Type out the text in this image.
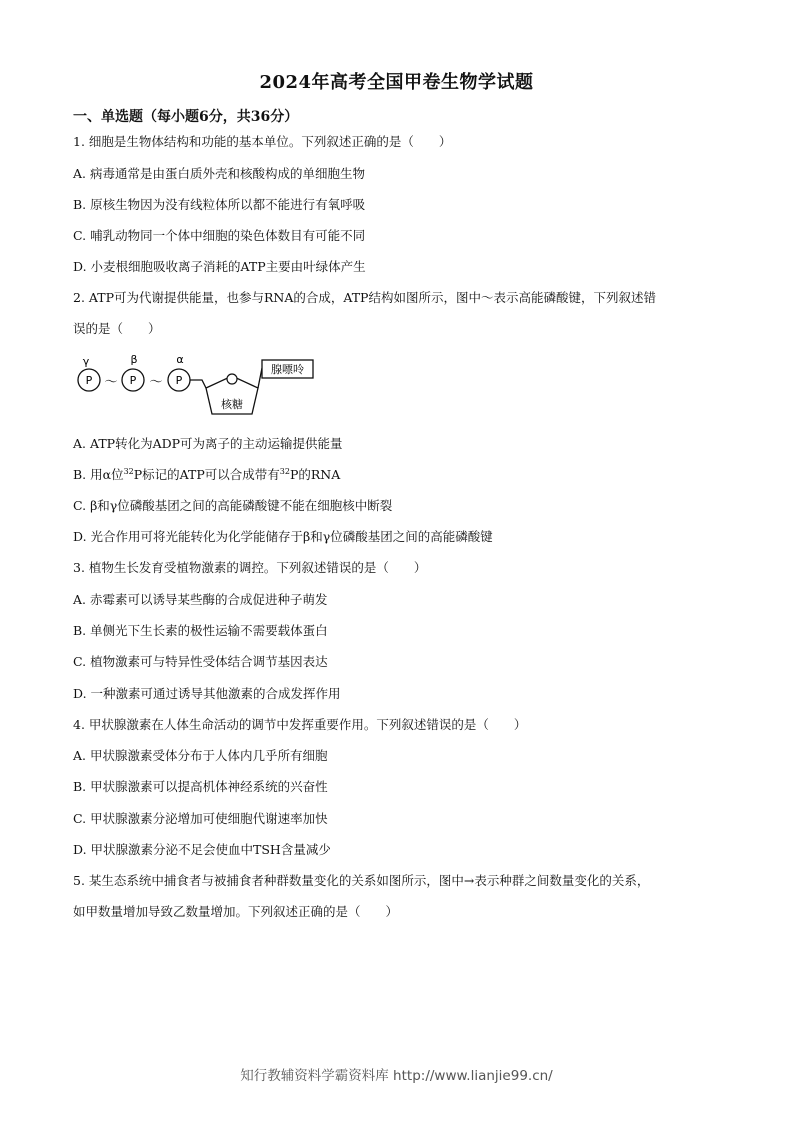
2024年高考全国甲卷生物学试题
一、单选题（每小题6分，共36分）
1. 细胞是生物体结构和功能的基本单位。下列叙述正确的是（　　）
A. 病毒通常是由蛋白质外壳和核酸构成的单细胞生物
B. 原核生物因为没有线粒体所以都不能进行有氧呼吸
C. 哺乳动物同一个体中细胞的染色体数目有可能不同
D. 小麦根细胞吸收离子消耗的ATP主要由叶绿体产生
2. ATP可为代谢提供能量，也参与RNA的合成，ATP结构如图所示，图中～表示高能磷酸键，下列叙述错
误的是（　　）
γ	β	α
P ～ P ～ P
核糖
腺嘌呤
A. ATP转化为ADP可为离子的主动运输提供能量
B. 用α位$^{32}$P标记的ATP可以合成带有$^{32}$P的RNA
C. β和γ位磷酸基团之间的高能磷酸键不能在细胞核中断裂
D. 光合作用可将光能转化为化学能储存于β和γ位磷酸基团之间的高能磷酸键
3. 植物生长发育受植物激素的调控。下列叙述错误的是（　　）
A. 赤霉素可以诱导某些酶的合成促进种子萌发
B. 单侧光下生长素的极性运输不需要载体蛋白
C. 植物激素可与特异性受体结合调节基因表达
D. 一种激素可通过诱导其他激素的合成发挥作用
4. 甲状腺激素在人体生命活动的调节中发挥重要作用。下列叙述错误的是（　　）
A. 甲状腺激素受体分布于人体内几乎所有细胞
B. 甲状腺激素可以提高机体神经系统的兴奋性
C. 甲状腺激素分泌增加可使细胞代谢速率加快
D. 甲状腺激素分泌不足会使血中TSH含量减少
5. 某生态系统中捕食者与被捕食者种群数量变化的关系如图所示，图中→表示种群之间数量变化的关系，
如甲数量增加导致乙数量增加。下列叙述正确的是（　　）
知行教辅资料学霸资料库 http://www.lianjie99.cn/
